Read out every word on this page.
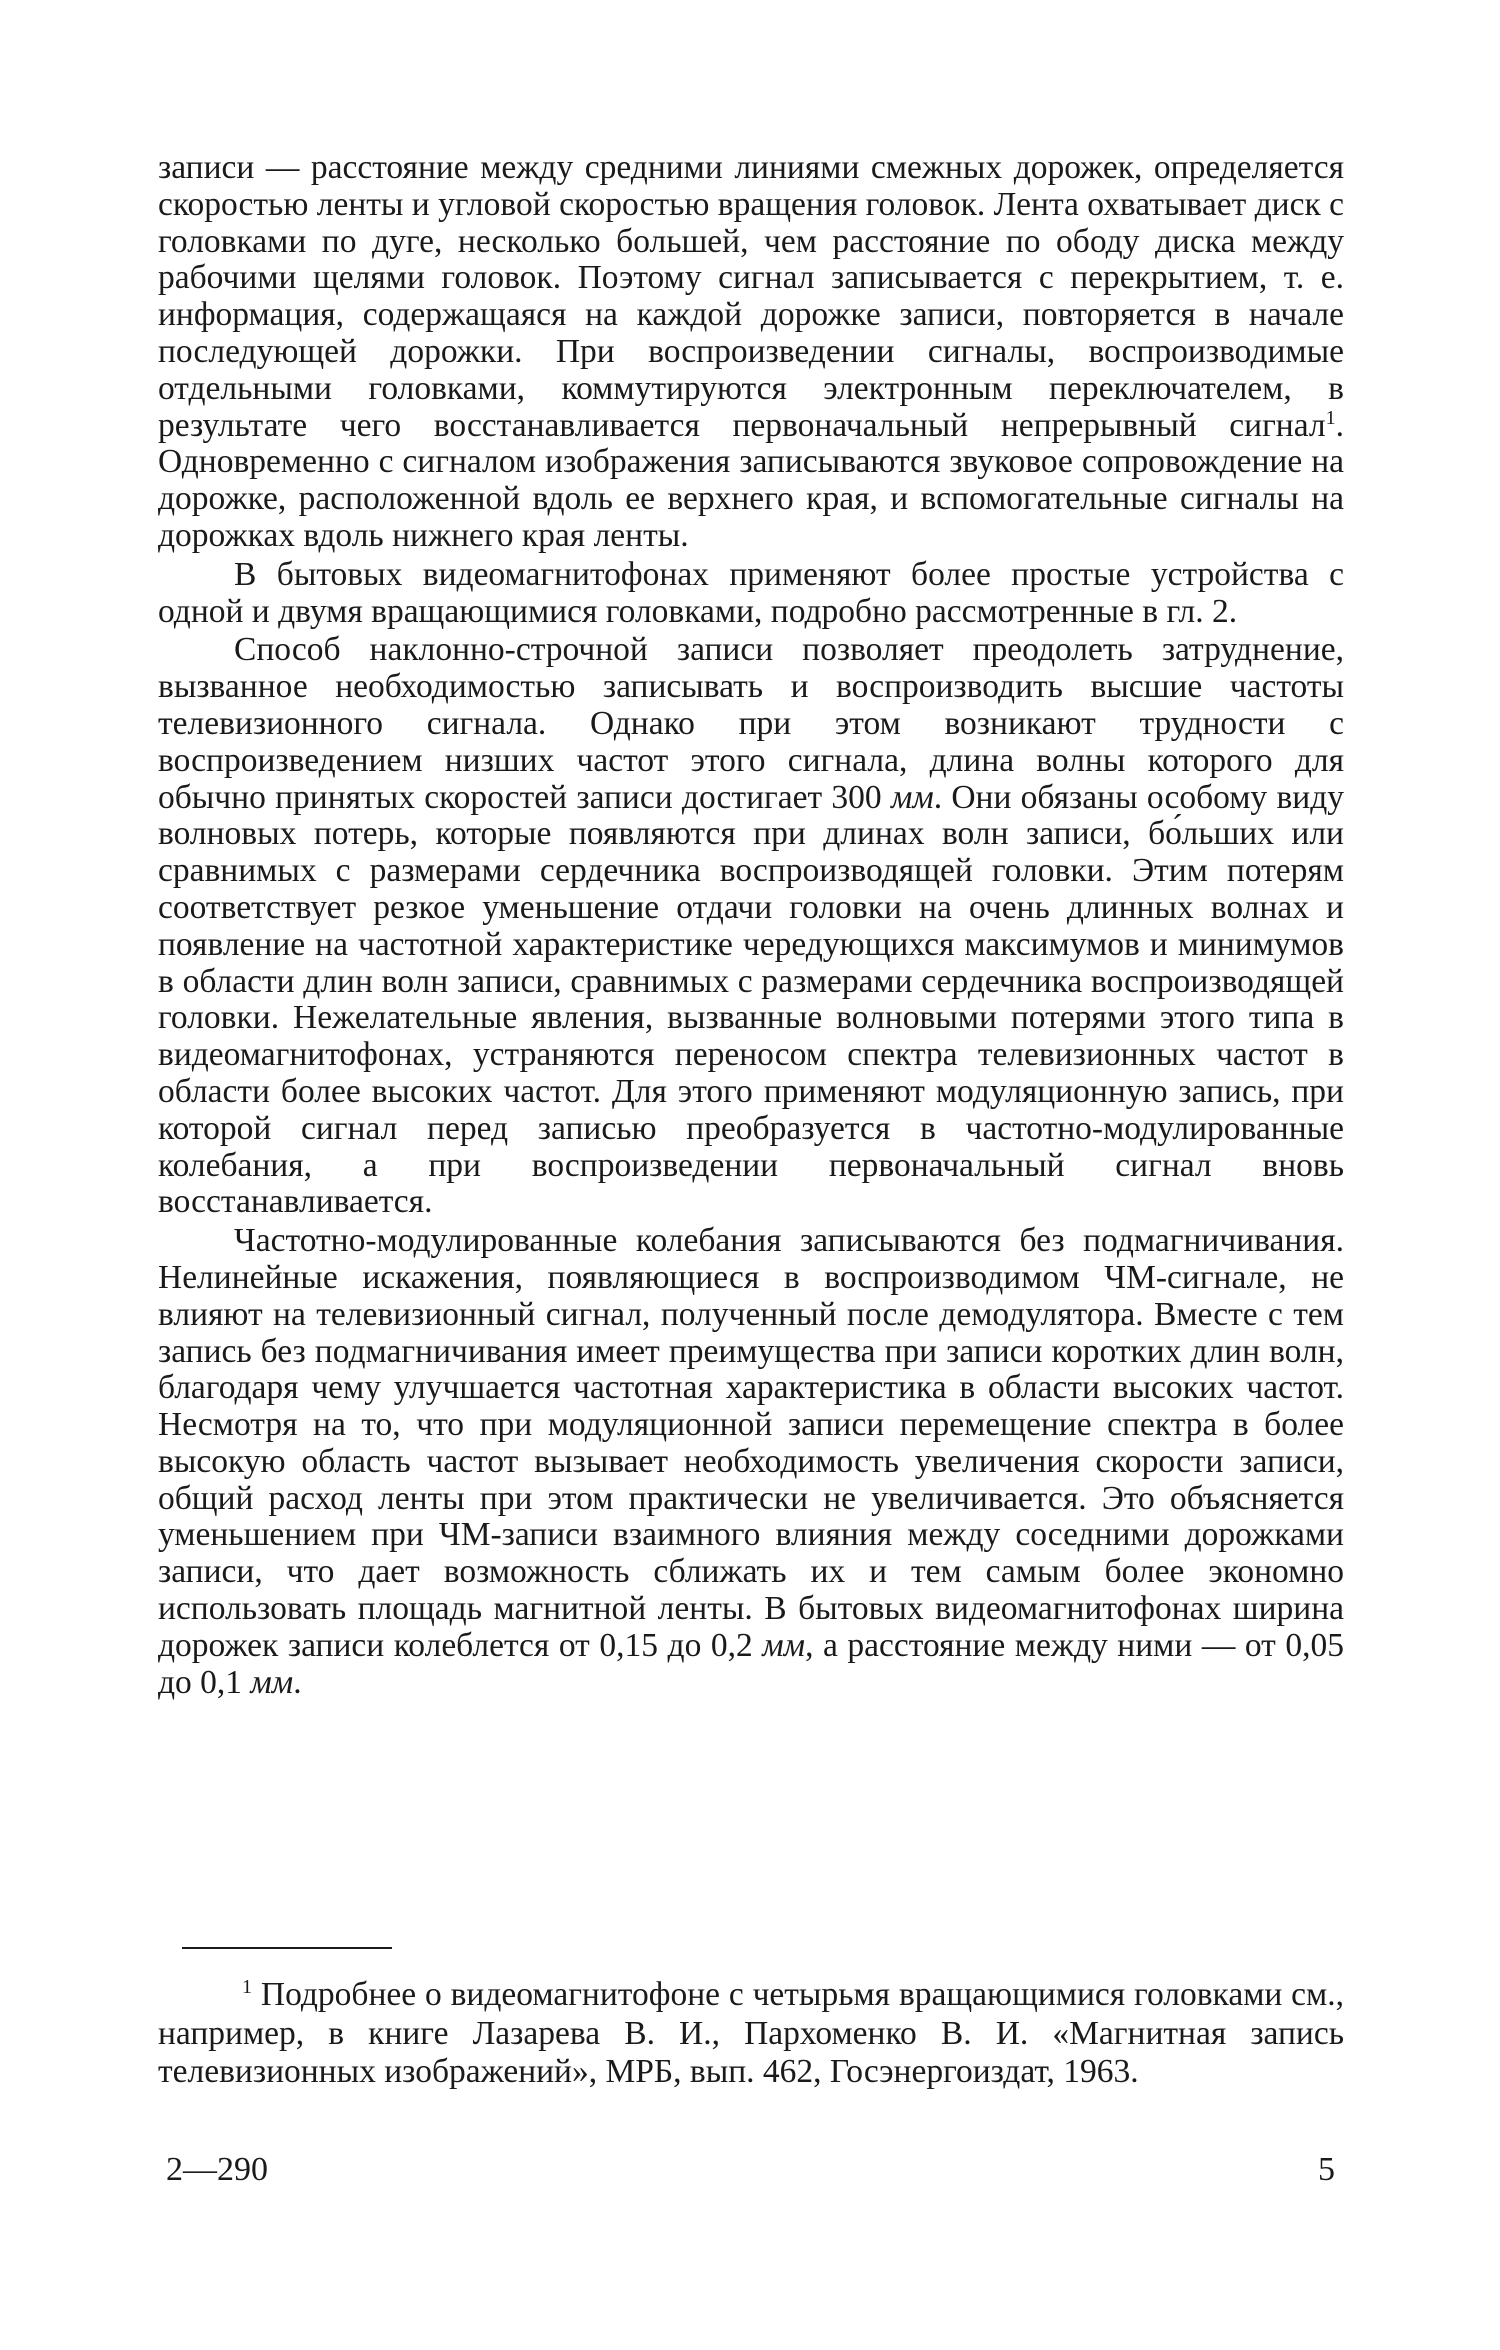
записи — расстояние между средними линиями смежных дорожек, определяется скоростью ленты и угловой скоростью вращения головок. Лента охватывает диск с головками по дуге, несколько большей, чем расстояние по ободу диска между рабочими щелями головок. Поэтому сигнал записывается с перекрытием, т. е. информация, содержащаяся на каждой дорожке записи, повторяется в начале последующей дорожки. При воспроизведении сигналы, воспроизводимые отдельными головками, коммутируются электронным переключателем, в результате чего восстанавливается первоначальный непрерывный сигнал$^1$. Одновременно с сигналом изображения записываются звуковое сопровождение на дорожке, расположенной вдоль ее верхнего края, и вспомогательные сигналы на дорожках вдоль нижнего края ленты.

В бытовых видеомагнитофонах применяют более простые устройства с одной и двумя вращающимися головками, подробно рассмотренные в гл. 2.

Способ наклонно-строчной записи позволяет преодолеть затруднение, вызванное необходимостью записывать и воспроизводить высшие частоты телевизионного сигнала. Однако при этом возникают трудности с воспроизведением низших частот этого сигнала, длина волны которого для обычно принятых скоростей записи достигает 300 мм. Они обязаны особому виду волновых потерь, которые появляются при длинах волн записи, бо́льших или сравнимых с размерами сердечника воспроизводящей головки. Этим потерям соответствует резкое уменьшение отдачи головки на очень длинных волнах и появление на частотной характеристике чередующихся максимумов и минимумов в области длин волн записи, сравнимых с размерами сердечника воспроизводящей головки. Нежелательные явления, вызванные волновыми потерями этого типа в видеомагнитофонах, устраняются переносом спектра телевизионных частот в области более высоких частот. Для этого применяют модуляционную запись, при которой сигнал перед записью преобразуется в частотно-модулированные колебания, а при воспроизведении первоначальный сигнал вновь восстанавливается.

Частотно-модулированные колебания записываются без подмагничивания. Нелинейные искажения, появляющиеся в воспроизводимом ЧМ-сигнале, не влияют на телевизионный сигнал, полученный после демодулятора. Вместе с тем запись без подмагничивания имеет преимущества при записи коротких длин волн, благодаря чему улучшается частотная характеристика в области высоких частот. Несмотря на то, что при модуляционной записи перемещение спектра в более высокую область частот вызывает необходимость увеличения скорости записи, общий расход ленты при этом практически не увеличивается. Это объясняется уменьшением при ЧМ-записи взаимного влияния между соседними дорожками записи, что дает возможность сближать их и тем самым более экономно использовать площадь магнитной ленты. В бытовых видеомагнитофонах ширина дорожек записи колеблется от 0,15 до 0,2 мм, а расстояние между ними — от 0,05 до 0,1 мм.

$^1$ Подробнее о видеомагнитофоне с четырьмя вращающимися головками см., например, в книге Лазарева В. И., Пархоменко В. И. «Магнитная запись телевизионных изображений», МРБ, вып. 462, Госэнергоиздат, 1963.

2—290	5
